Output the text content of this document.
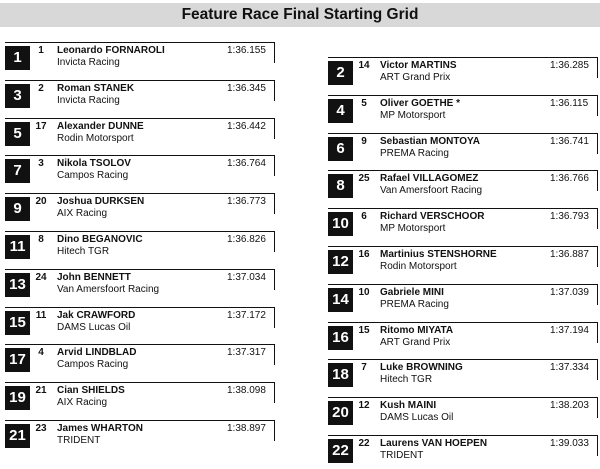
Feature Race Final Starting Grid
1	1	Leonardo FORNAROLI
Invicta Racing
1:36.155
2	14	Victor MARTINS
ART Grand Prix
1:36.285
3	2	Roman STANEK
Invicta Racing
1:36.345
4	5	Oliver GOETHE *
MP Motorsport
1:36.115
5	17	Alexander DUNNE
Rodin Motorsport
1:36.442
6	9	Sebastian MONTOYA
PREMA Racing
1:36.741
7	3	Nikola TSOLOV
Campos Racing
1:36.764
8	25	Rafael VILLAGOMEZ
Van Amersfoort Racing
1:36.766
9	20	Joshua DURKSEN
AIX Racing
1:36.773
10	6	Richard VERSCHOOR
MP Motorsport
1:36.793
11	8	Dino BEGANOVIC
Hitech TGR
1:36.826
12 16	Martinius STENSHORNE
Rodin Motorsport
1:36.887
13 24	John BENNETT
Van Amersfoort Racing
1:37.034
14 10	Gabriele MINI
PREMA Racing
1:37.039
15 11	Jak CRAWFORD
DAMS Lucas Oil
1:37.172
16 15	Ritomo MIYATA
ART Grand Prix
1:37.194
17	4	Arvid LINDBLAD
Campos Racing
1:37.317
18	7	Luke BROWNING
Hitech TGR
1:37.334
19 21	Cian SHIELDS
AIX Racing
1:38.098
20 12	Kush MAINI
DAMS Lucas Oil
1:38.203
21 23	James WHARTON
TRIDENT
1:38.897
22 22	Laurens VAN HOEPEN
TRIDENT
1:39.033
